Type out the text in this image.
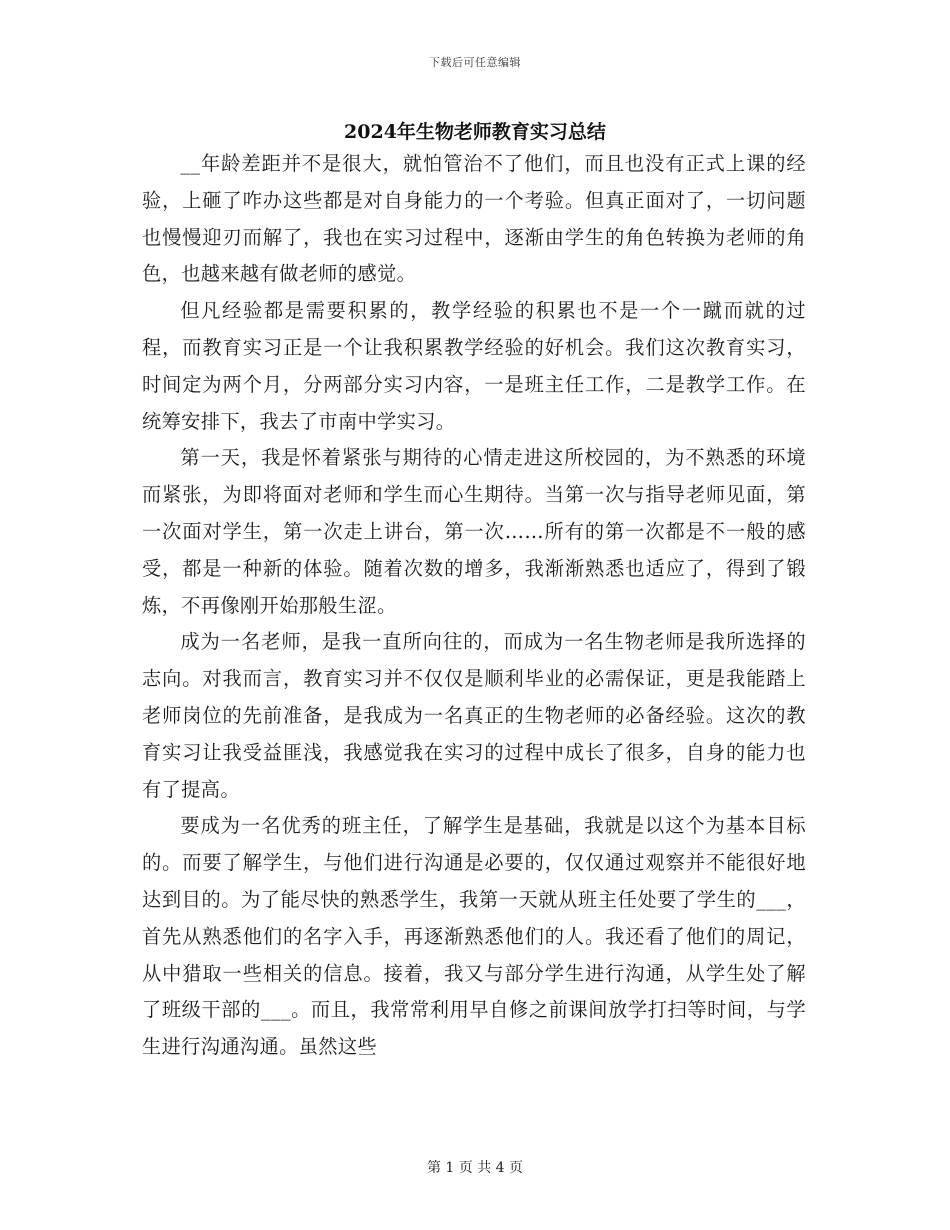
下载后可任意编辑
2024年生物老师教育实习总结

__年龄差距并不是很大，就怕管治不了他们，而且也没有正式上课的经验，上砸了咋办这些都是对自身能力的一个考验。但真正面对了，一切问题也慢慢迎刃而解了，我也在实习过程中，逐渐由学生的角色转换为老师的角色，也越来越有做老师的感觉。

但凡经验都是需要积累的，教学经验的积累也不是一个一蹴而就的过程，而教育实习正是一个让我积累教学经验的好机会。我们这次教育实习，时间定为两个月，分两部分实习内容，一是班主任工作，二是教学工作。在统筹安排下，我去了市南中学实习。

第一天，我是怀着紧张与期待的心情走进这所校园的，为不熟悉的环境而紧张，为即将面对老师和学生而心生期待。当第一次与指导老师见面，第一次面对学生，第一次走上讲台，第一次……所有的第一次都是不一般的感受，都是一种新的体验。随着次数的增多，我渐渐熟悉也适应了，得到了锻炼，不再像刚开始那般生涩。

成为一名老师，是我一直所向往的，而成为一名生物老师是我所选择的志向。对我而言，教育实习并不仅仅是顺利毕业的必需保证，更是我能踏上老师岗位的先前准备，是我成为一名真正的生物老师的必备经验。这次的教育实习让我受益匪浅，我感觉我在实习的过程中成长了很多，自身的能力也有了提高。

要成为一名优秀的班主任，了解学生是基础，我就是以这个为基本目标的。而要了解学生，与他们进行沟通是必要的，仅仅通过观察并不能很好地达到目的。为了能尽快的熟悉学生，我第一天就从班主任处要了学生的___，首先从熟悉他们的名字入手，再逐渐熟悉他们的人。我还看了他们的周记，从中猎取一些相关的信息。接着，我又与部分学生进行沟通，从学生处了解了班级干部的___。而且，我常常利用早自修之前课间放学打扫等时间，与学生进行沟通沟通。虽然这些

第 1 页 共 4 页
